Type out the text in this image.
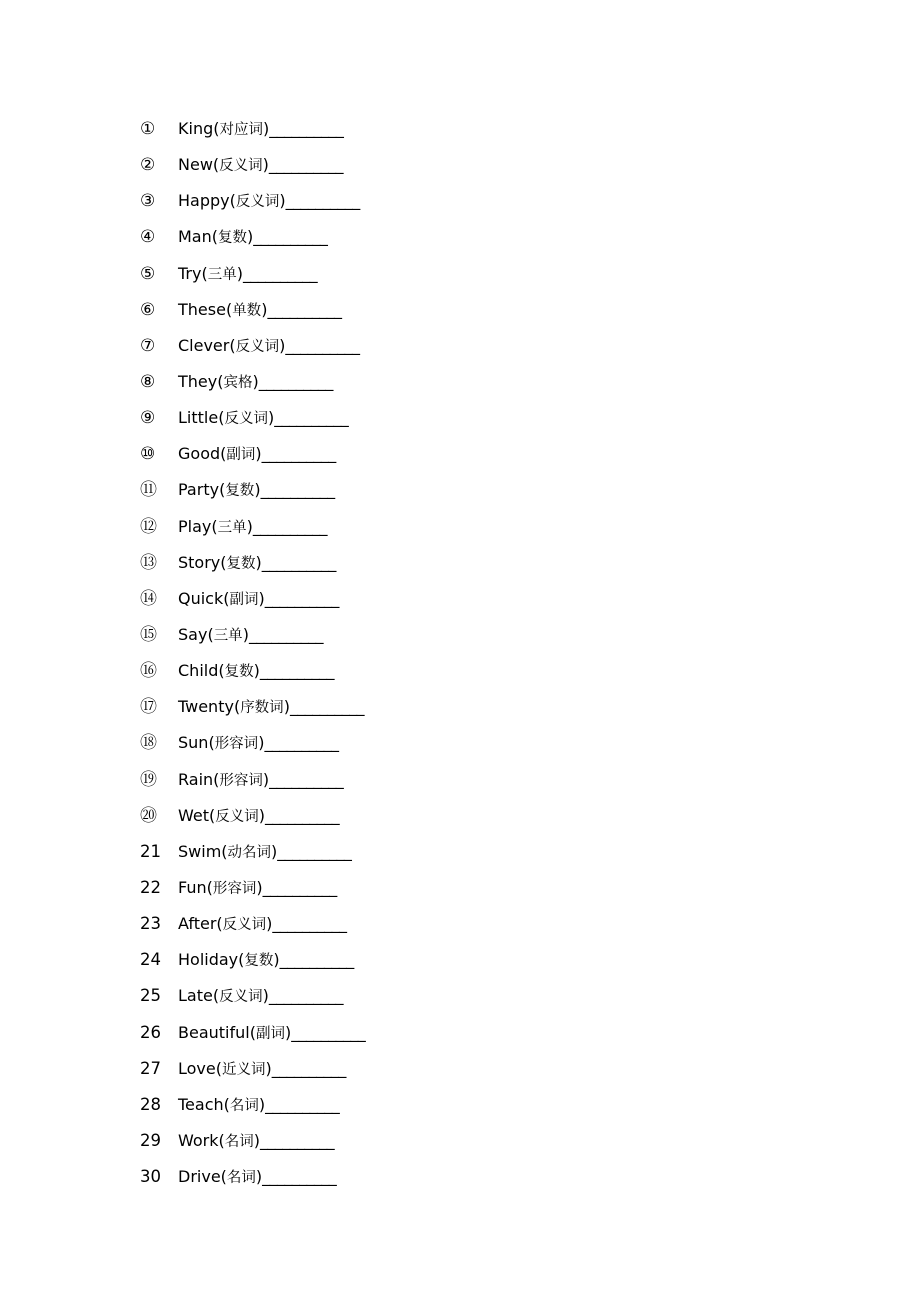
① King(对应词)__________
② New(反义词)__________
③ Happy(反义词)__________
④ Man(复数)__________
⑤ Try(三单)__________
⑥ These(单数)__________
⑦ Clever(反义词)__________
⑧ They(宾格)__________
⑨ Little(反义词)__________
⑩ Good(副词)__________
⑪ Party(复数)__________
⑫ Play(三单)__________
⑬ Story(复数)__________
⑭ Quick(副词)__________
⑮ Say(三单)__________
⑯ Child(复数)__________
⑰ Twenty(序数词)__________
⑱ Sun(形容词)__________
⑲ Rain(形容词)__________
⑳ Wet(反义词)__________
21 Swim(动名词)__________
22 Fun(形容词)__________
23 After(反义词)__________
24 Holiday(复数)__________
25 Late(反义词)__________
26 Beautiful(副词)__________
27 Love(近义词)__________
28 Teach(名词)__________
29 Work(名词)__________
30 Drive(名词)__________
